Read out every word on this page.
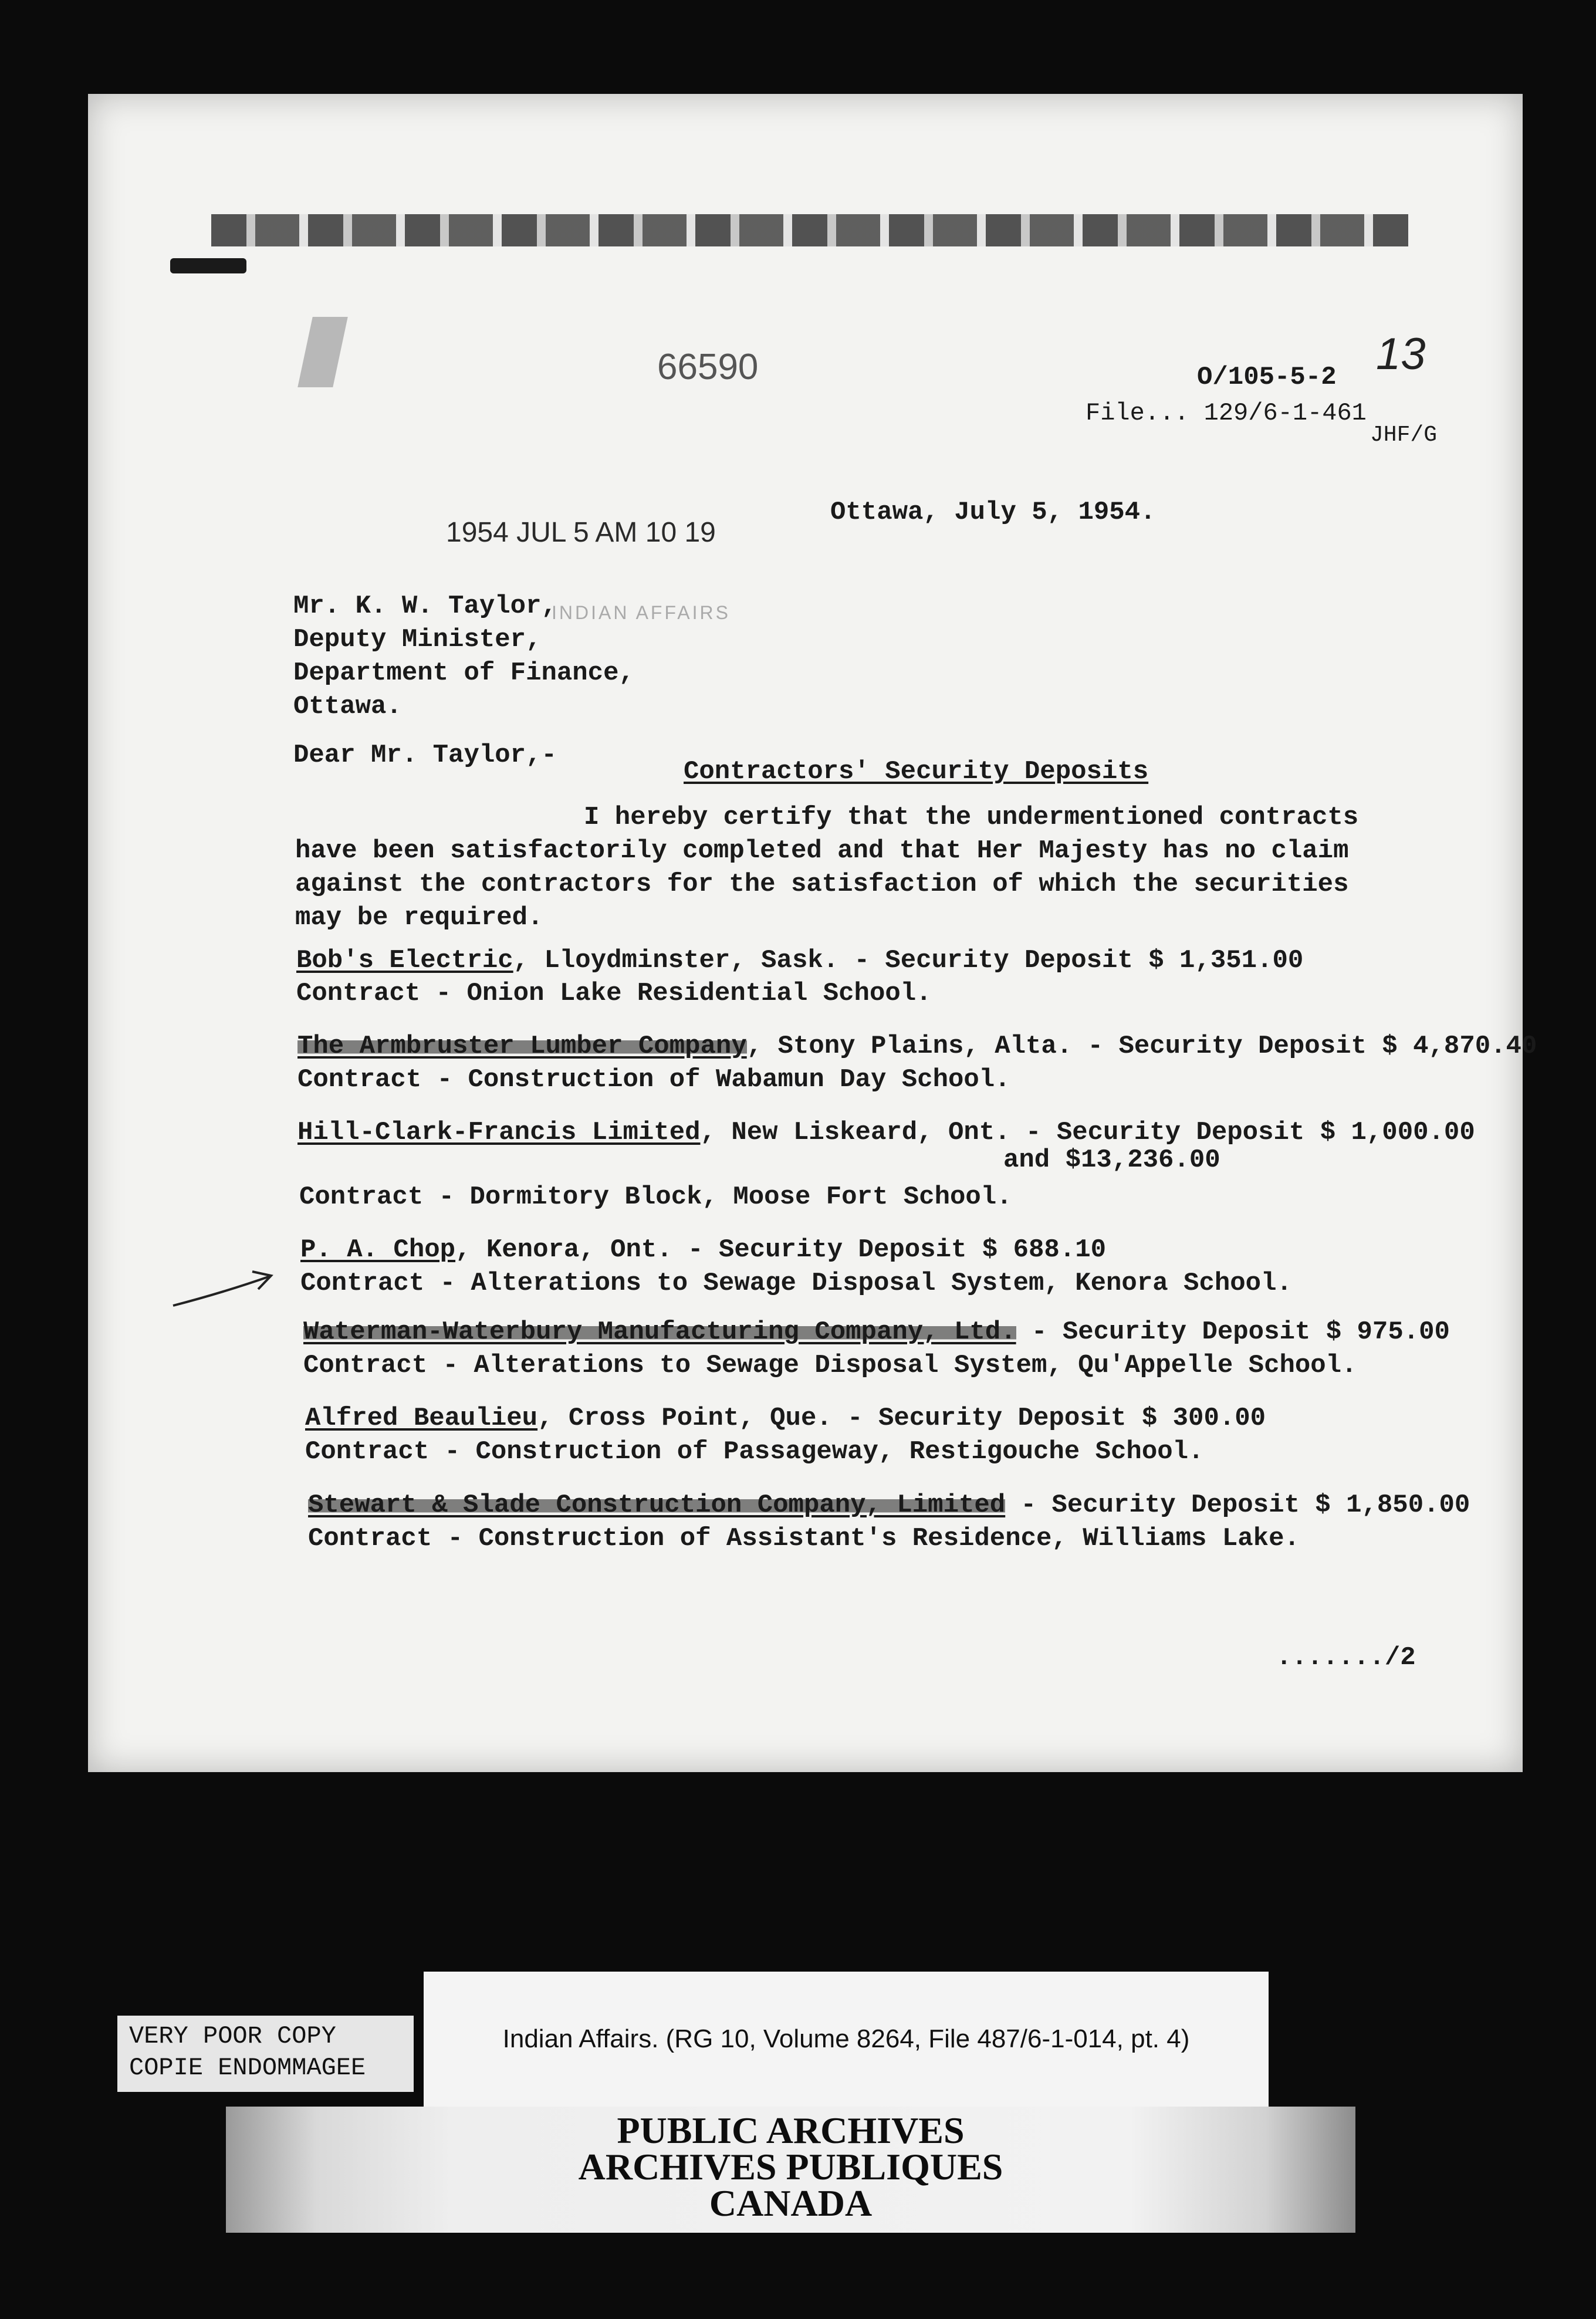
66590	O/105-5-2 13
File... 129/6-1-461
JHF/G
1954 JUL 5 AM 10 19
Ottawa, July 5, 1954.
Mr. K. W. Taylor,
INDIAN AFFAIRS
Deputy Minister,
Department of Finance,
Ottawa.
Dear Mr. Taylor,-
Contractors' Security Deposits
I hereby certify that the undermentioned contracts
have been satisfactorily completed and that Her Majesty has no claim
against the contractors for the satisfaction of which the securities
may be required.
Bob's Electric, Lloydminster, Sask. - Security Deposit $ 1,351.00
Contract - Onion Lake Residential School.
The Armbruster Lumber Company, Stony Plains, Alta. - Security Deposit $ 4,870.40
Contract - Construction of Wabamun Day School.
Hill-Clark-Francis Limited, New Liskeard, Ont. - Security Deposit $ 1,000.00
and $13,236.00
Contract - Dormitory Block, Moose Fort School.
P. A. Chop, Kenora, Ont. - Security Deposit $ 688.10
Contract - Alterations to Sewage Disposal System, Kenora School.
Waterman-Waterbury Manufacturing Company, Ltd. - Security Deposit $ 975.00
Contract - Alterations to Sewage Disposal System, Qu'Appelle School.
Alfred Beaulieu, Cross Point, Que. - Security Deposit $ 300.00
Contract - Construction of Passageway, Restigouche School.
Stewart & Slade Construction Company, Limited - Security Deposit $ 1,850.00
Contract - Construction of Assistant's Residence, Williams Lake.
......./2
VERY POOR COPY
COPIE ENDOMMAGEE
Indian Affairs. (RG 10, Volume 8264, File 487/6-1-014, pt. 4)
PUBLIC ARCHIVES
ARCHIVES PUBLIQUES
CANADA
